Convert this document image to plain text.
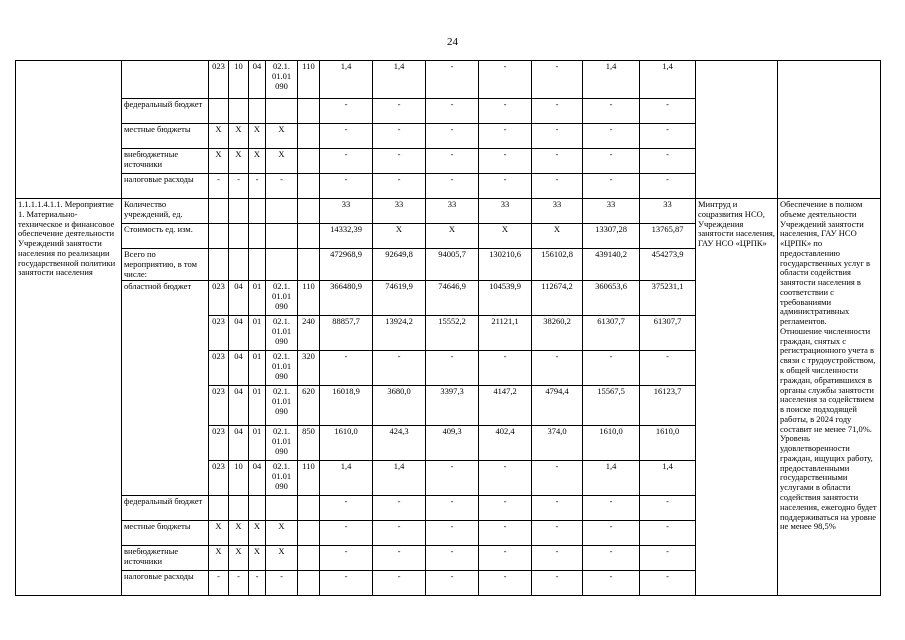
24
		023	10	04	02.1.
01.01
090	110	1,4	1,4	-	-	-	1,4	1,4		
	федеральный бюджет						-	-	-	-	-	-	-		
	местные бюджеты	Х	Х	Х	Х		-	-	-	-	-	-	-		
	внебюджетные источники	Х	Х	Х	Х		-	-	-	-	-	-	-		
	налоговые расходы	-	-	-	-		-	-	-	-	-	-	-		
1.1.1.1.4.1.1. Мероприятие 1. Материально-техническое и финансовое обеспечение деятельности Учреждений занятости населения по реализации государственной политики занятости населения	Количество учреждений, ед.						33	33	33	33	33	33	33	Минтруд и соцразвития НСО, Учреждения занятости населения, ГАУ НСО «ЦРПК»	Обеспечение в полном объеме деятельности Учреждений занятости населения, ГАУ НСО «ЦРПК» по предоставлению государственных услуг в области содействия занятости населения в соответствии с требованиями административных регламентов.
Отношение численности граждан, снятых с регистрационного учета в связи с трудоустройством, к общей численности граждан, обратившихся в органы службы занятости населения за содействием в поиске подходящей работы, в 2024 году составит не менее 71,0%.
Уровень удовлетворенности граждан, ищущих работу, предоставленными государственными услугами в области содействия занятости населения, ежегодно будет поддерживаться на уровне не менее 98,5%
	Стоимость ед. изм.						14332,39	Х	Х	Х	Х	13307,28	13765,87		
	Всего по мероприятию, в том числе:						472968,9	92649,8	94005,7	130210,6	156102,8	439140,2	454273,9		
	областной бюджет	023	04	01	02.1.
01.01
090	110	366480,9	74619,9	74646,9	104539,9	112674,2	360653,6	375231,1		
		023	04	01	02.1.
01.01
090	240	88857,7	13924,2	15552,2	21121,1	38260,2	61307,7	61307,7		
		023	04	01	02.1.
01.01
090	320	-	-	-	-	-	-	-		
		023	04	01	02.1.
01.01
090	620	16018,9	3680,0	3397,3	4147,2	4794,4	15567,5	16123,7		
		023	04	01	02.1.
01.01
090	850	1610,0	424,3	409,3	402,4	374,0	1610,0	1610,0		
		023	10	04	02.1.
01.01
090	110	1,4	1,4	-	-	-	1,4	1,4		
	федеральный бюджет						-	-	-	-	-	-	-		
	местные бюджеты	Х	Х	Х	Х		-	-	-	-	-	-	-		
	внебюджетные источники	Х	Х	Х	Х		-	-	-	-	-	-	-		
	налоговые расходы	-	-	-	-		-	-	-	-	-	-	-		
